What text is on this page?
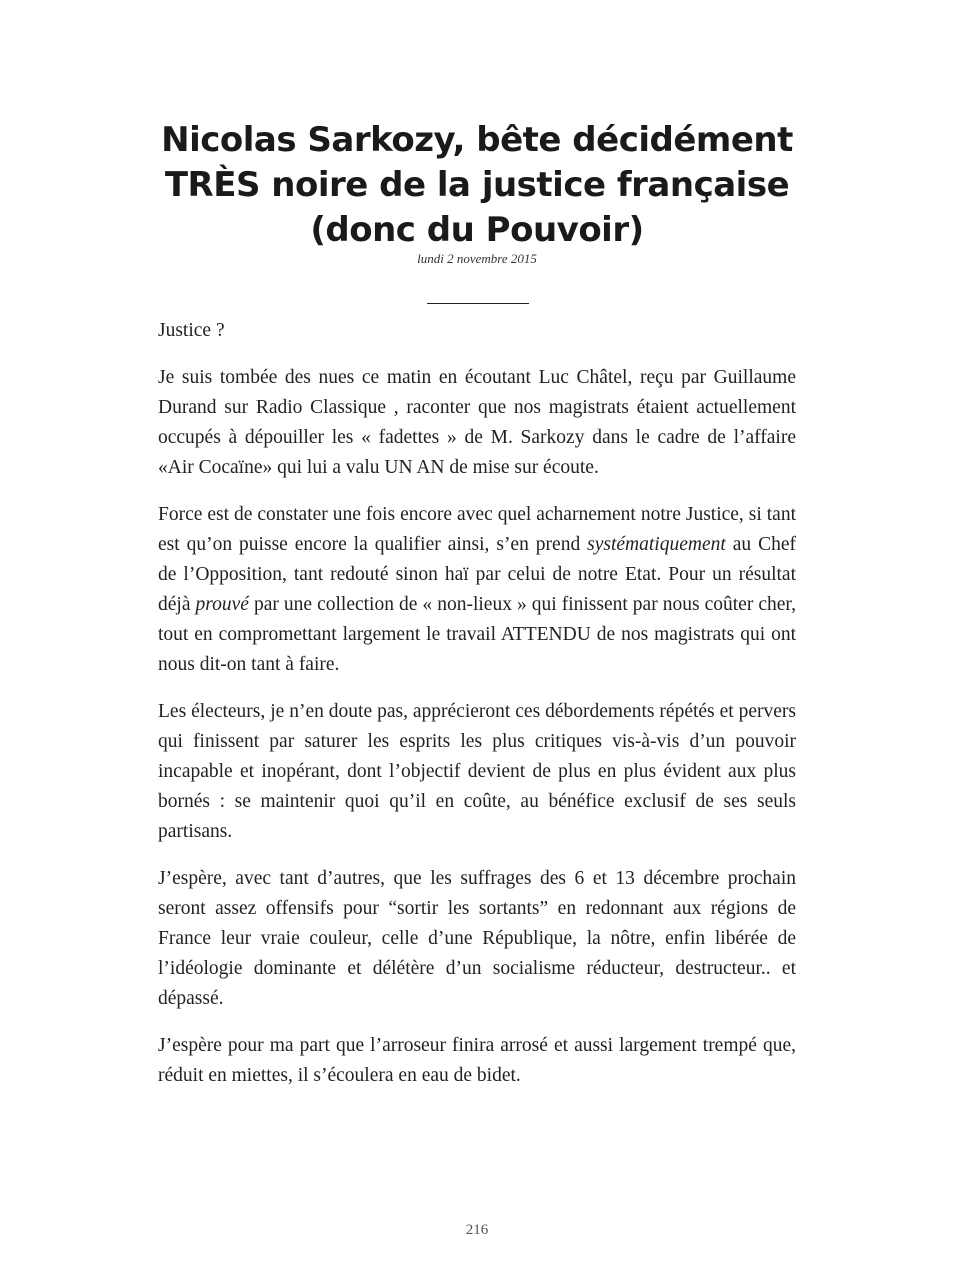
Nicolas Sarkozy, bête décidément TRÈS noire de la justice française (donc du Pouvoir)
lundi 2 novembre 2015

Justice ?

Je suis tombée des nues ce matin en écoutant Luc Châtel, reçu par Guillaume Durand sur Radio Classique , raconter que nos magistrats étaient actuellement occupés à dépouiller les « fadettes » de M. Sarkozy dans le cadre de l’affaire «Air Cocaïne» qui lui a valu UN AN de mise sur écoute.

Force est de constater une fois encore avec quel acharnement notre Justice, si tant est qu’on puisse encore la qualifier ainsi, s’en prend systématiquement au Chef de l’Opposition, tant redouté sinon haï par celui de notre Etat. Pour un résultat déjà prouvé par une collection de « non-lieux » qui finissent par nous coûter cher, tout en compromettant largement le travail ATTENDU de nos magistrats qui ont nous dit-on tant à faire.

Les électeurs, je n’en doute pas, apprécieront ces débordements répétés et pervers qui finissent par saturer les esprits les plus critiques vis-à-vis d’un pouvoir incapable et inopérant, dont l’objectif devient de plus en plus évident aux plus bornés : se maintenir quoi qu’il en coûte, au bénéfice exclusif de ses seuls partisans.

J’espère, avec tant d’autres, que les suffrages des 6 et 13 décembre prochain seront assez offensifs pour “sortir les sortants” en redonnant aux régions de France leur vraie couleur, celle d’une République, la nôtre, enfin libérée de l’idéologie dominante et délétère d’un socialisme réducteur, destructeur.. et dépassé.

J’espère pour ma part que l’arroseur finira arrosé et aussi largement trempé que, réduit en miettes, il s’écoulera en eau de bidet.

216
